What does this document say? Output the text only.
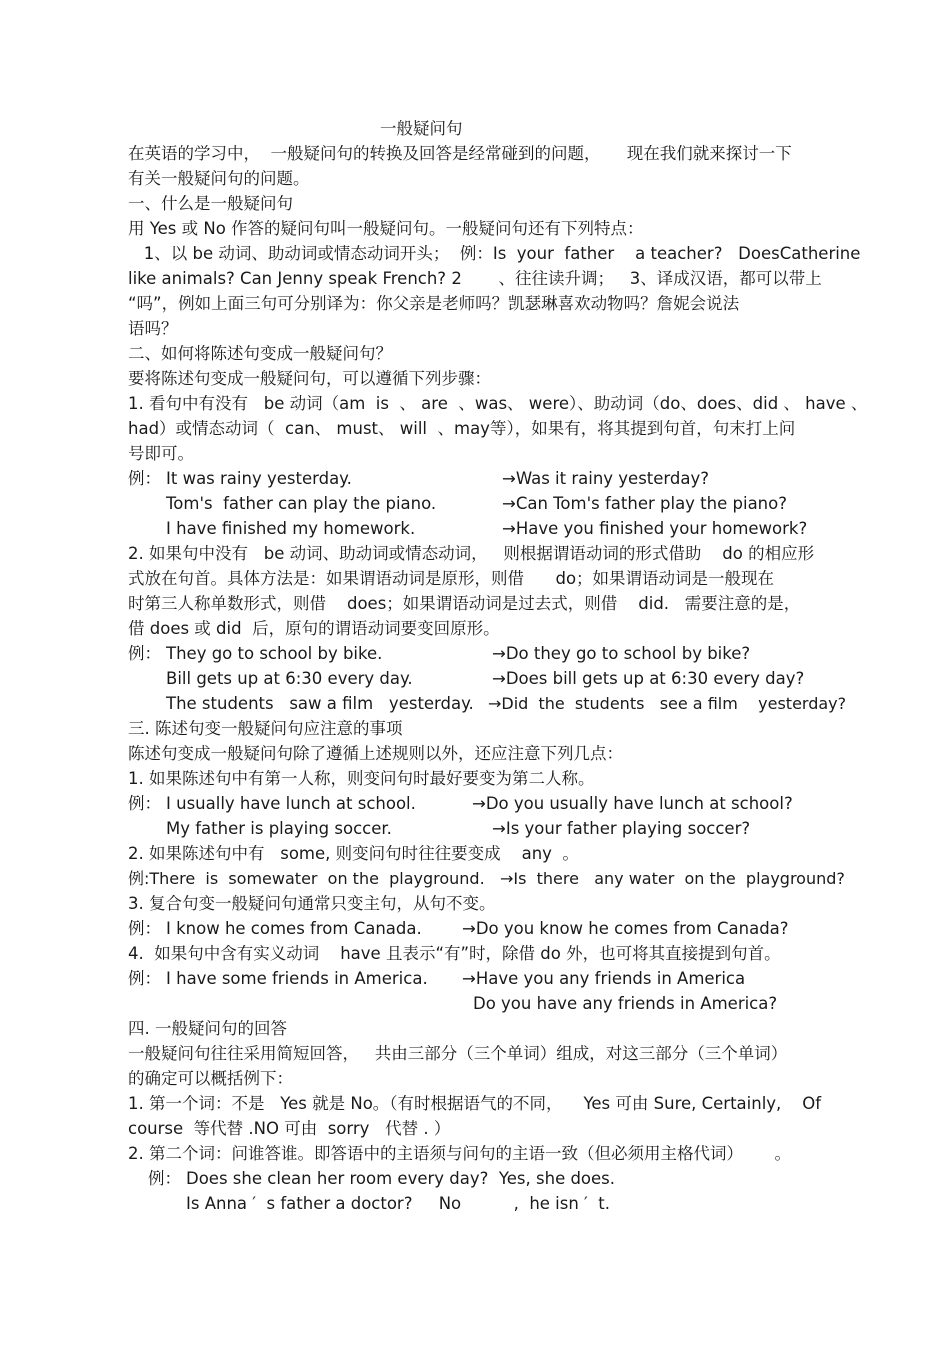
一般疑问句
在英语的学习中，  一般疑问句的转换及回答是经常碰到的问题，     现在我们就来探讨一下
有关一般疑问句的问题。
一、什么是一般疑问句
用 Yes 或 No 作答的疑问句叫一般疑问句。一般疑问句还有下列特点：
1、以 be 动词、助动词或情态动词开头；  例：Is  your  father    a teacher?   DoesCatherine
like animals? Can Jenny speak French? 2       、往往读升调；   3、译成汉语，都可以带上
“吗”，例如上面三句可分别译为：你父亲是老师吗？凯瑟琳喜欢动物吗？詹妮会说法
语吗？
二、如何将陈述句变成一般疑问句？
要将陈述句变成一般疑问句，可以遵循下列步骤：
1. 看句中有没有   be 动词（am  is  、 are  、was、 were）、助动词（do、does、did 、 have 、
had）或情态动词（  can、 must、 will  、may等），如果有，将其提到句首，句末打上问
号即可。
例： It was rainy yesterday.	→Was it rainy yesterday?
Tom's  father can play the piano.	→Can Tom's father play the piano?
I have finished my homework.	→Have you finished your homework?
2. 如果句中没有   be 动词、助动词或情态动词，   则根据谓语动词的形式借助    do 的相应形
式放在句首。具体方法是：如果谓语动词是原形，则借      do；如果谓语动词是一般现在
时第三人称单数形式，则借    does；如果谓语动词是过去式，则借    did.   需要注意的是，
借 does 或 did  后，原句的谓语动词要变回原形。
例： They go to school by bike.	→Do they go to school by bike?
Bill gets up at 6:30 every day.	→Does bill gets up at 6:30 every day?
The students   saw a film   yesterday. →Did  the  students   see a film    yesterday?
三. 陈述句变一般疑问句应注意的事项
陈述句变成一般疑问句除了遵循上述规则以外，还应注意下列几点：
1. 如果陈述句中有第一人称，则变问句时最好要变为第二人称。
例： I usually have lunch at school.	→Do you usually have lunch at school?
My father is playing soccer.	→Is your father playing soccer?
2. 如果陈述句中有   some, 则变问句时往往要变成    any  。
例:There  is  somewater  on the  playground. →Is  there   any water  on the  playground?
3. 复合句变一般疑问句通常只变主句，从句不变。
例： I know he comes from Canada. →Do you know he comes from Canada?
4.  如果句中含有实义动词    have 且表示“有”时，除借 do 外，也可将其直接提到句首。
例： I have some friends in America. →Have you any friends in America
Do you have any friends in America?
四. 一般疑问句的回答
一般疑问句往往采用简短回答，   共由三部分（三个单词）组成，对这三部分（三个单词）
的确定可以概括例下：
1. 第一个词：不是   Yes 就是 No。（有时根据语气的不同，    Yes 可由 Sure, Certainly,    Of
course  等代替 .NO 可由  sorry   代替 . ）
2. 第二个词：问谁答谁。即答语中的主语须与问句的主语一致（但必须用主格代词）      。
例： Does she clean her room every day?  Yes, she does.
Is Anna ′  s father a doctor?     No          ,  he isn ′  t.
